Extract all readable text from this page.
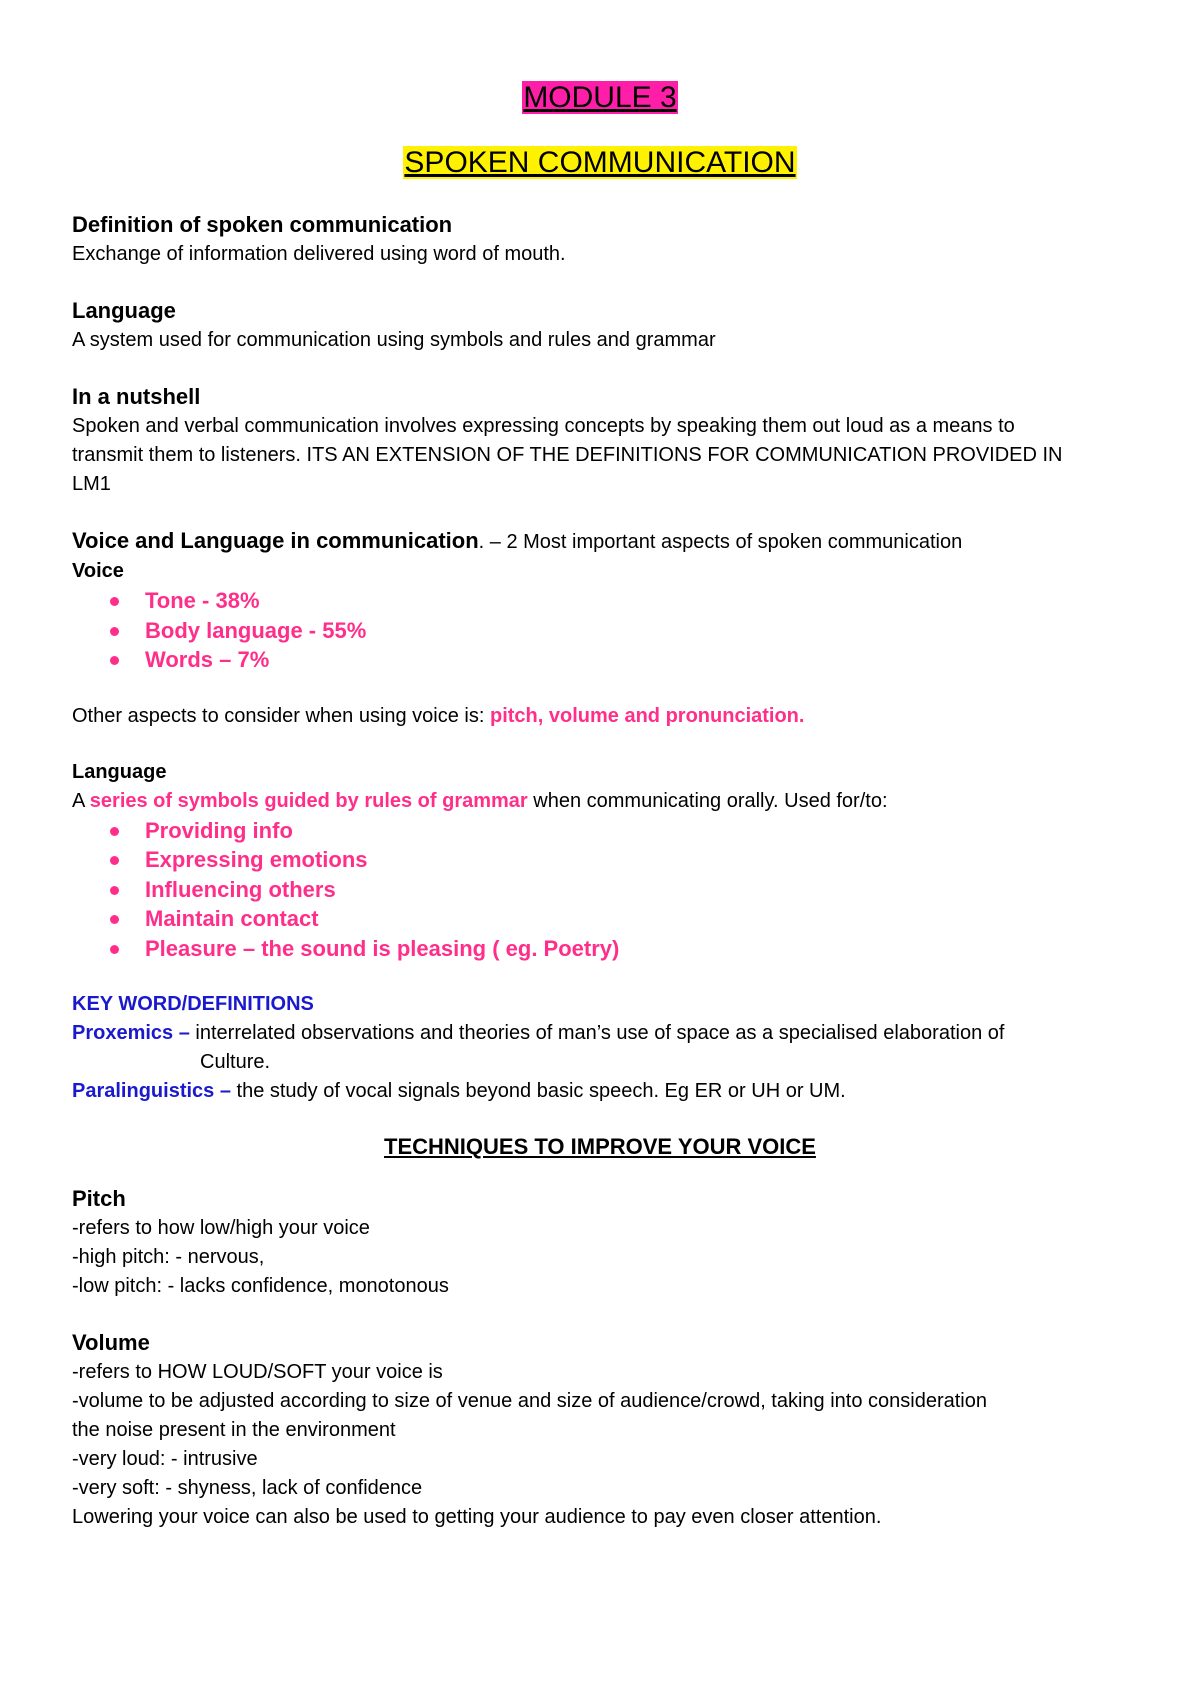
MODULE 3
SPOKEN COMMUNICATION

Definition of spoken communication

Exchange of information delivered using word of mouth.

Language

A system used for communication using symbols and rules and grammar

In a nutshell

Spoken and verbal communication involves expressing concepts by speaking them out loud as a means to

transmit them to listeners. ITS AN EXTENSION OF THE DEFINITIONS FOR COMMUNICATION PROVIDED IN

LM1

Voice and Language in communication. – 2 Most important aspects of spoken communication

Voice

Tone - 38%
Body language - 55%
Words – 7%

Other aspects to consider when using voice is: pitch, volume and pronunciation.

Language

A series of symbols guided by rules of grammar when communicating orally. Used for/to:

Providing info
Expressing emotions
Influencing others
Maintain contact
Pleasure – the sound is pleasing ( eg. Poetry)

KEY WORD/DEFINITIONS

Proxemics – interrelated observations and theories of man’s use of space as a specialised elaboration of

Culture.

Paralinguistics – the study of vocal signals beyond basic speech. Eg ER or UH or UM.

TECHNIQUES TO IMPROVE YOUR VOICE

Pitch

-refers to how low/high your voice

-high pitch: - nervous,

-low pitch: - lacks confidence, monotonous

Volume

-refers to HOW LOUD/SOFT your voice is

-volume to be adjusted according to size of venue and size of audience/crowd, taking into consideration

the noise present in the environment

-very loud: - intrusive

-very soft: - shyness, lack of confidence

Lowering your voice can also be used to getting your audience to pay even closer attention.
